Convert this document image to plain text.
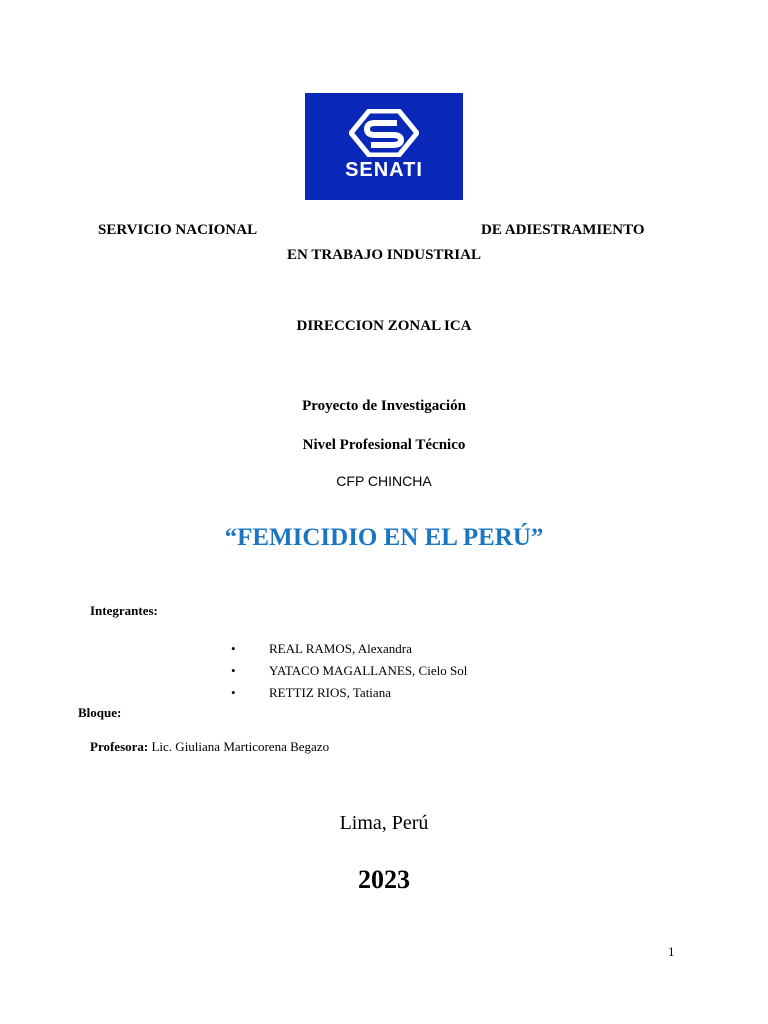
SENATI
SERVICIO NACIONAL	DE ADIESTRAMIENTO
EN TRABAJO INDUSTRIAL
DIRECCION ZONAL ICA
Proyecto de Investigación
Nivel Profesional Técnico
CFP CHINCHA
“FEMICIDIO EN EL PERÚ”
Integrantes:
•	REAL RAMOS, Alexandra
•	YATACO MAGALLANES, Cielo Sol
•	RETTIZ RIOS, Tatiana
Bloque:
Profesora: Lic. Giuliana Marticorena Begazo
Lima, Perú
2023
1
